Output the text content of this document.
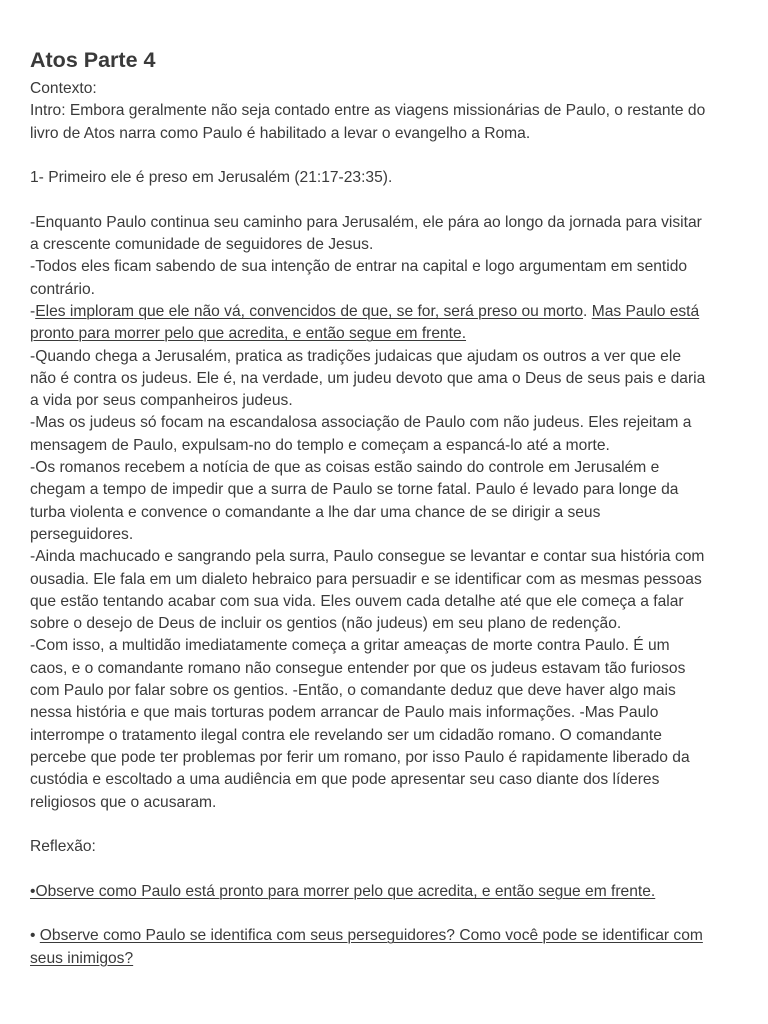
Atos Parte 4
Contexto:
Intro: Embora geralmente não seja contado entre as viagens missionárias de Paulo, o restante do
livro de Atos narra como Paulo é habilitado a levar o evangelho a Roma.
1- Primeiro ele é preso em Jerusalém (21:17-23:35).
-Enquanto Paulo continua seu caminho para Jerusalém, ele pára ao longo da jornada para visitar
a crescente comunidade de seguidores de Jesus.
-Todos eles ficam sabendo de sua intenção de entrar na capital e logo argumentam em sentido
contrário.
-Eles imploram que ele não vá, convencidos de que, se for, será preso ou morto. Mas Paulo está
pronto para morrer pelo que acredita, e então segue em frente.
-Quando chega a Jerusalém, pratica as tradições judaicas que ajudam os outros a ver que ele
não é contra os judeus. Ele é, na verdade, um judeu devoto que ama o Deus de seus pais e daria
a vida por seus companheiros judeus.
-Mas os judeus só focam na escandalosa associação de Paulo com não judeus. Eles rejeitam a
mensagem de Paulo, expulsam-no do templo e começam a espancá-lo até a morte.
-Os romanos recebem a notícia de que as coisas estão saindo do controle em Jerusalém e
chegam a tempo de impedir que a surra de Paulo se torne fatal. Paulo é levado para longe da
turba violenta e convence o comandante a lhe dar uma chance de se dirigir a seus
perseguidores.
-Ainda machucado e sangrando pela surra, Paulo consegue se levantar e contar sua história com
ousadia. Ele fala em um dialeto hebraico para persuadir e se identificar com as mesmas pessoas
que estão tentando acabar com sua vida. Eles ouvem cada detalhe até que ele começa a falar
sobre o desejo de Deus de incluir os gentios (não judeus) em seu plano de redenção.
-Com isso, a multidão imediatamente começa a gritar ameaças de morte contra Paulo. É um
caos, e o comandante romano não consegue entender por que os judeus estavam tão furiosos
com Paulo por falar sobre os gentios. -Então, o comandante deduz que deve haver algo mais
nessa história e que mais torturas podem arrancar de Paulo mais informações. -Mas Paulo
interrompe o tratamento ilegal contra ele revelando ser um cidadão romano. O comandante
percebe que pode ter problemas por ferir um romano, por isso Paulo é rapidamente liberado da
custódia e escoltado a uma audiência em que pode apresentar seu caso diante dos líderes
religiosos que o acusaram.
Reflexão:
•Observe como Paulo está pronto para morrer pelo que acredita, e então segue em frente.
• Observe como Paulo se identifica com seus perseguidores? Como você pode se identificar com
seus inimigos?
